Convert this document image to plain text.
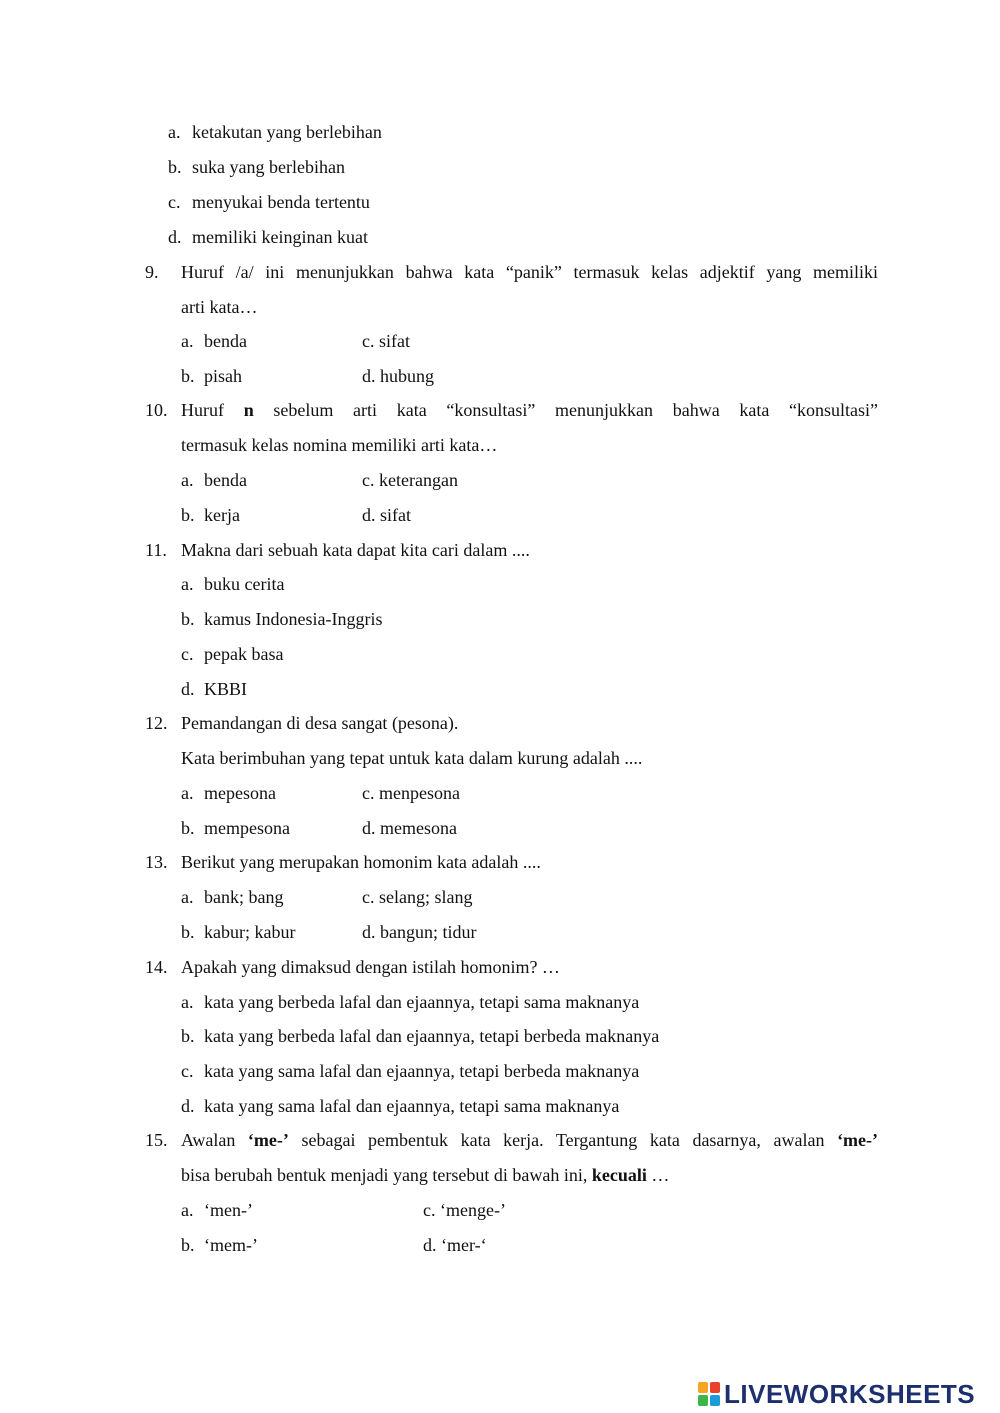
a. ketakutan yang berlebihan
b. suka yang berlebihan
c. menyukai benda tertentu
d. memiliki keinginan kuat
9. Huruf /a/ ini menunjukkan bahwa kata “panik” termasuk kelas adjektif yang memiliki
arti kata…
a. benda	c. sifat
b. pisah	d. hubung
10. Huruf n sebelum arti kata “konsultasi” menunjukkan bahwa kata “konsultasi”
termasuk kelas nomina memiliki arti kata…
a. benda	c. keterangan
b. kerja	d. sifat
11. Makna dari sebuah kata dapat kita cari dalam ....
a. buku cerita
b. kamus Indonesia-Inggris
c. pepak basa
d. KBBI
12. Pemandangan di desa sangat (pesona).
Kata berimbuhan yang tepat untuk kata dalam kurung adalah ....
a. mepesona	c. menpesona
b. mempesona	d. memesona
13. Berikut yang merupakan homonim kata adalah ....
a. bank; bang	c. selang; slang
b. kabur; kabur	d. bangun; tidur
14. Apakah yang dimaksud dengan istilah homonim? …
a. kata yang berbeda lafal dan ejaannya, tetapi sama maknanya
b. kata yang berbeda lafal dan ejaannya, tetapi berbeda maknanya
c. kata yang sama lafal dan ejaannya, tetapi berbeda maknanya
d. kata yang sama lafal dan ejaannya, tetapi sama maknanya
15. Awalan ‘me-’ sebagai pembentuk kata kerja. Tergantung kata dasarnya, awalan ‘me-’
bisa berubah bentuk menjadi yang tersebut di bawah ini, kecuali …
a. ‘men-’	c. ‘menge-’
b. ‘mem-’	d. ‘mer-‘
LIVEWORKSHEETS
